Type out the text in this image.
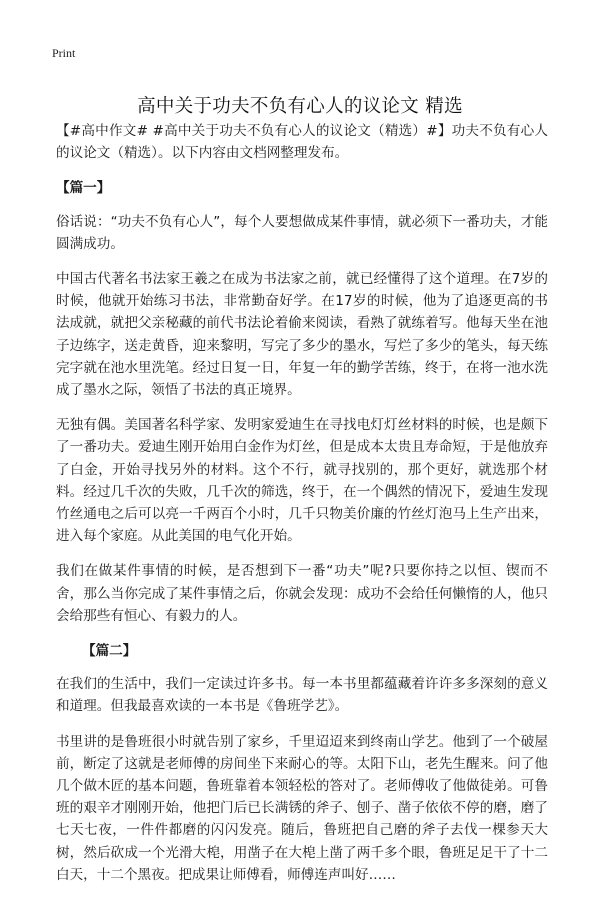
Print
高中关于功夫不负有心人的议论文 精选

【#高中作文# #高中关于功夫不负有心人的议论文（精选）#】功夫不负有心人的议论文（精选）。以下内容由文档网整理发布。

【篇一】

俗话说：“功夫不负有心人”，每个人要想做成某件事情，就必须下一番功夫，才能圆满成功。

中国古代著名书法家王羲之在成为书法家之前，就已经懂得了这个道理。在7岁的时候，他就开始练习书法，非常勤奋好学。在17岁的时候，他为了追逐更高的书法成就，就把父亲秘藏的前代书法论着偷来阅读，看熟了就练着写。他每天坐在池子边练字，送走黄昏，迎来黎明，写完了多少的墨水，写烂了多少的笔头，每天练完字就在池水里洗笔。经过日复一日，年复一年的勤学苦练，终于，在将一池水洗成了墨水之际，领悟了书法的真正境界。

无独有偶。美国著名科学家、发明家爱迪生在寻找电灯灯丝材料的时候，也是颇下了一番功夫。爱迪生刚开始用白金作为灯丝，但是成本太贵且寿命短，于是他放弃了白金，开始寻找另外的材料。这个不行，就寻找别的，那个更好，就选那个材料。经过几千次的失败，几千次的筛选，终于，在一个偶然的情况下，爱迪生发现竹丝通电之后可以亮一千两百个小时，几千只物美价廉的竹丝灯泡马上生产出来，进入每个家庭。从此美国的电气化开始。

我们在做某件事情的时候，是否想到下一番“功夫”呢?只要你持之以恒、锲而不舍，那么当你完成了某件事情之后，你就会发现：成功不会给任何懒惰的人，他只会给那些有恒心、有毅力的人。

【篇二】

在我们的生活中，我们一定读过许多书。每一本书里都蕴藏着许许多多深刻的意义和道理。但我最喜欢读的一本书是《鲁班学艺》。

书里讲的是鲁班很小时就告别了家乡，千里迢迢来到终南山学艺。他到了一个破屋前，断定了这就是老师傅的房间坐下来耐心的等。太阳下山，老先生醒来。问了他几个做木匠的基本问题，鲁班靠着本领轻松的答对了。老师傅收了他做徒弟。可鲁班的艰辛才刚刚开始，他把门后已长满锈的斧子、刨子、凿子依依不停的磨，磨了七天七夜，一件件都磨的闪闪发亮。随后，鲁班把自己磨的斧子去伐一棵参天大树，然后砍成一个光滑大梍，用凿子在大梍上凿了两千多个眼，鲁班足足干了十二白天，十二个黑夜。把成果让师傅看，师傅连声叫好……
